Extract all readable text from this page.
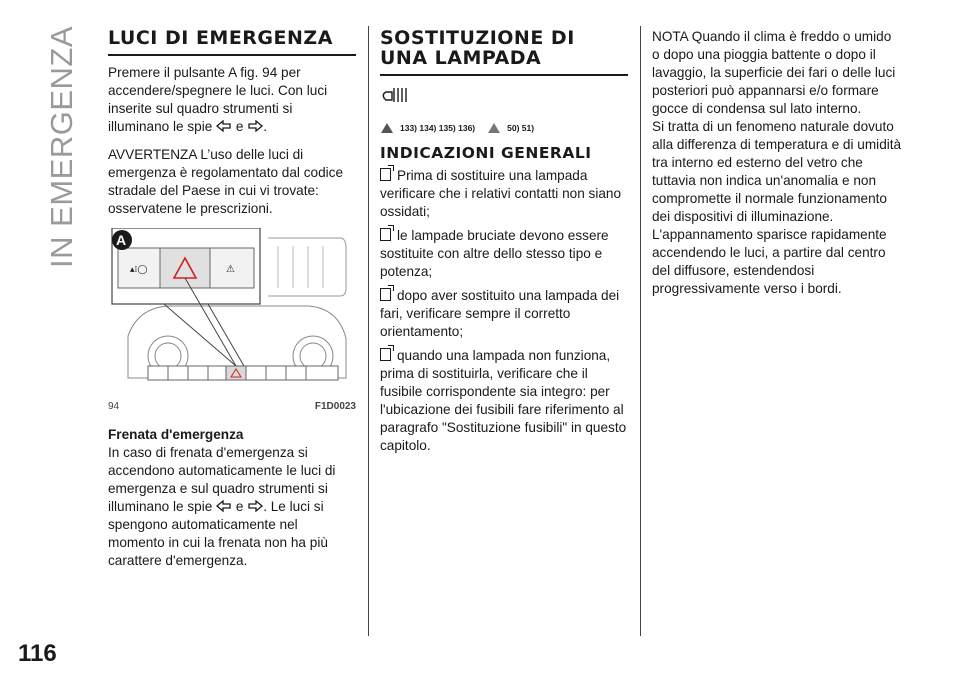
IN EMERGENZA
116
LUCI DI EMERGENZA

Premere il pulsante A fig. 94 per accendere/spegnere le luci. Con luci inserite sul quadro strumenti si illuminano le spie e .

AVVERTENZA L’uso delle luci di emergenza è regolamentato dal codice stradale del Paese in cui vi trovate: osservatene le prescrizioni.

▴⁞◯	⚠
A
94	F1D0023

Frenata d'emergenza

In caso di frenata d'emergenza si accendono automaticamente le luci di emergenza e sul quadro strumenti si illuminano le spie e . Le luci si spengono automaticamente nel momento in cui la frenata non ha più carattere d'emergenza.

SOSTITUZIONE DI UNA LAMPADA
133) 134) 135) 136)	50) 51)
INDICAZIONI GENERALI

Prima di sostituire una lampada verificare che i relativi contatti non siano ossidati;

le lampade bruciate devono essere sostituite con altre dello stesso tipo e potenza;

dopo aver sostituito una lampada dei fari, verificare sempre il corretto orientamento;

quando una lampada non funziona, prima di sostituirla, verificare che il fusibile corrispondente sia integro: per l'ubicazione dei fusibili fare riferimento al paragrafo "Sostituzione fusibili" in questo capitolo.

NOTA Quando il clima è freddo o umido o dopo una pioggia battente o dopo il lavaggio, la superficie dei fari o delle luci posteriori può appannarsi e/o formare gocce di condensa sul lato interno.

Si tratta di un fenomeno naturale dovuto alla differenza di temperatura e di umidità tra interno ed esterno del vetro che tuttavia non indica un'anomalia e non compromette il normale funzionamento dei dispositivi di illuminazione. L'appannamento sparisce rapidamente accendendo le luci, a partire dal centro del diffusore, estendendosi progressivamente verso i bordi.
